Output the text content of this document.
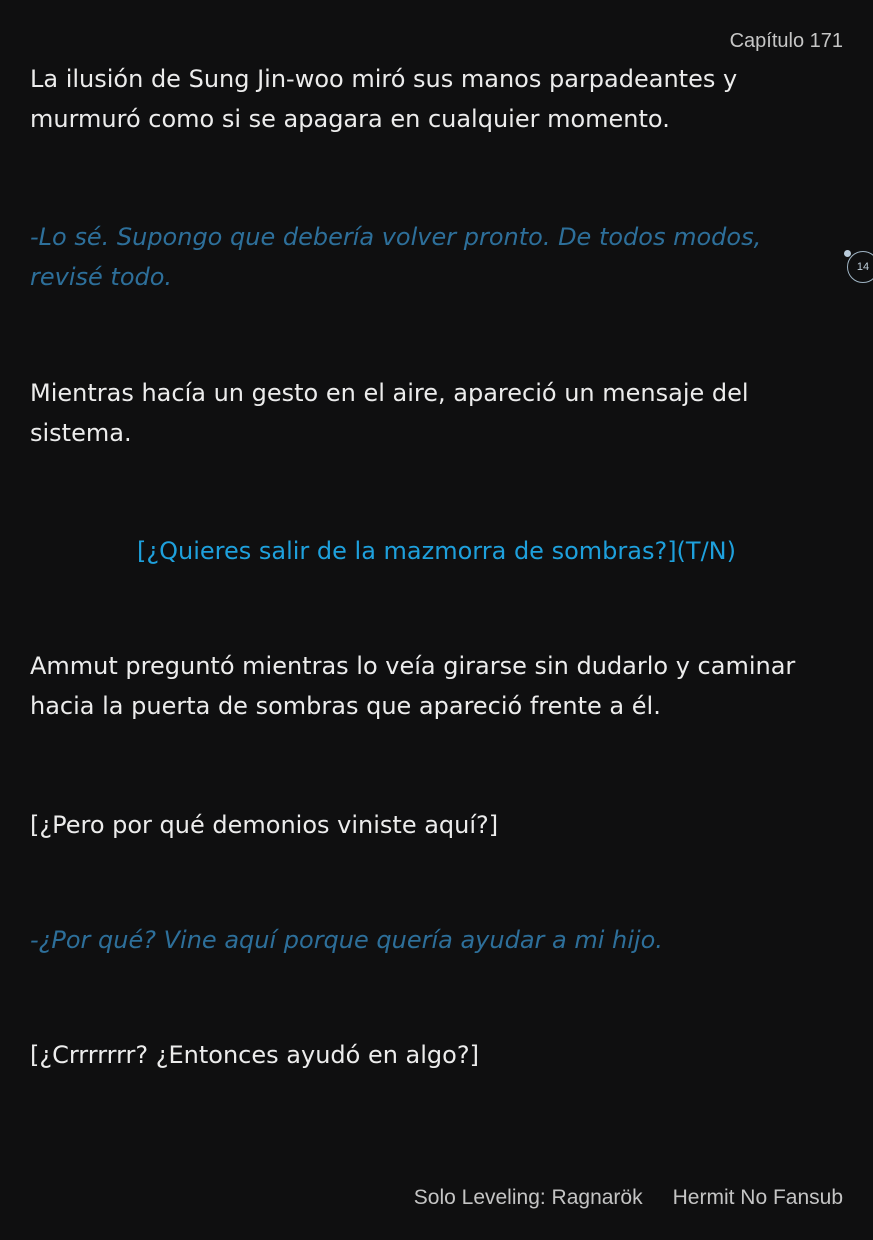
Capítulo 171

La ilusión de Sung Jin-woo miró sus manos parpadeantes y murmuró como si se apagara en cualquier momento.

-Lo sé. Supongo que debería volver pronto. De todos modos, revisé todo.

Mientras hacía un gesto en el aire, apareció un mensaje del sistema.

[¿Quieres salir de la mazmorra de sombras?](T/N)

Ammut preguntó mientras lo veía girarse sin dudarlo y caminar hacia la puerta de sombras que apareció frente a él.

[¿Pero por qué demonios viniste aquí?]

-¿Por qué? Vine aquí porque quería ayudar a mi hijo.

[¿Crrrrrrr? ¿Entonces ayudó en algo?]

14
Solo Leveling: Ragnarök Hermit No Fansub
